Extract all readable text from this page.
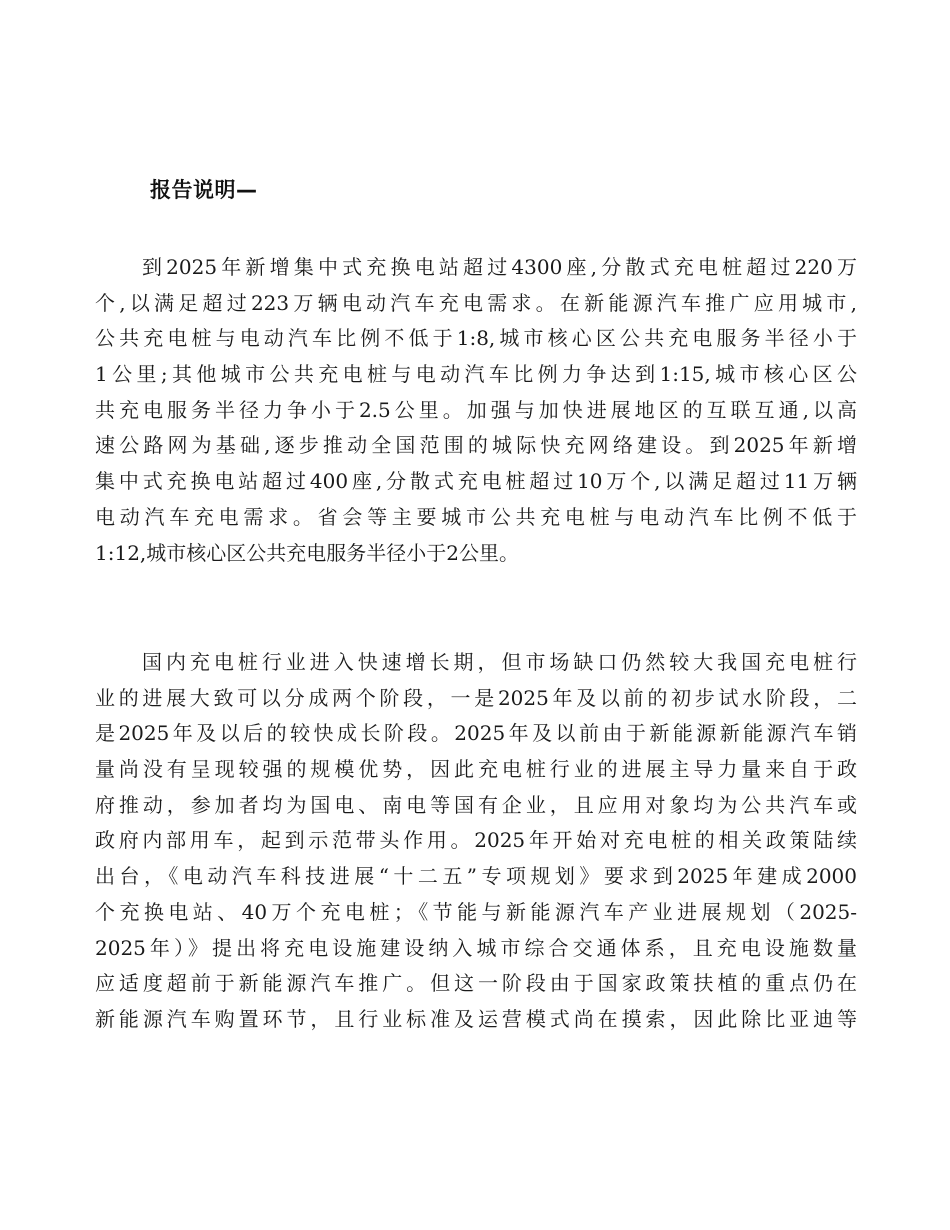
报告说明—
到2025年新增集中式充换电站超过4300座,分散式充电桩超过220万
个,以满足超过223万辆电动汽车充电需求。在新能源汽车推广应用城市,
公共充电桩与电动汽车比例不低于1:8,城市核心区公共充电服务半径小于
1公里;其他城市公共充电桩与电动汽车比例力争达到1:15,城市核心区公
共充电服务半径力争小于2.5公里。加强与加快进展地区的互联互通,以高
速公路网为基础,逐步推动全国范围的城际快充网络建设。到2025年新增
集中式充换电站超过400座,分散式充电桩超过10万个,以满足超过11万辆
电动汽车充电需求。省会等主要城市公共充电桩与电动汽车比例不低于
1:12,城市核心区公共充电服务半径小于2公里。
国内充电桩行业进入快速增长期，但市场缺口仍然较大我国充电桩行
业的进展大致可以分成两个阶段，一是2025年及以前的初步试水阶段，二
是2025年及以后的较快成长阶段。2025年及以前由于新能源新能源汽车销
量尚没有呈现较强的规模优势，因此充电桩行业的进展主导力量来自于政
府推动，参加者均为国电、南电等国有企业，且应用对象均为公共汽车或
政府内部用车，起到示范带头作用。2025年开始对充电桩的相关政策陆续
出台，《电动汽车科技进展“十二五”专项规划》要求到2025年建成2000
个充换电站、40万个充电桩；《节能与新能源汽车产业进展规划（2025-
2025年）》提出将充电设施建设纳入城市综合交通体系，且充电设施数量
应适度超前于新能源汽车推广。但这一阶段由于国家政策扶植的重点仍在
新能源汽车购置环节，且行业标准及运营模式尚在摸索，因此除比亚迪等
